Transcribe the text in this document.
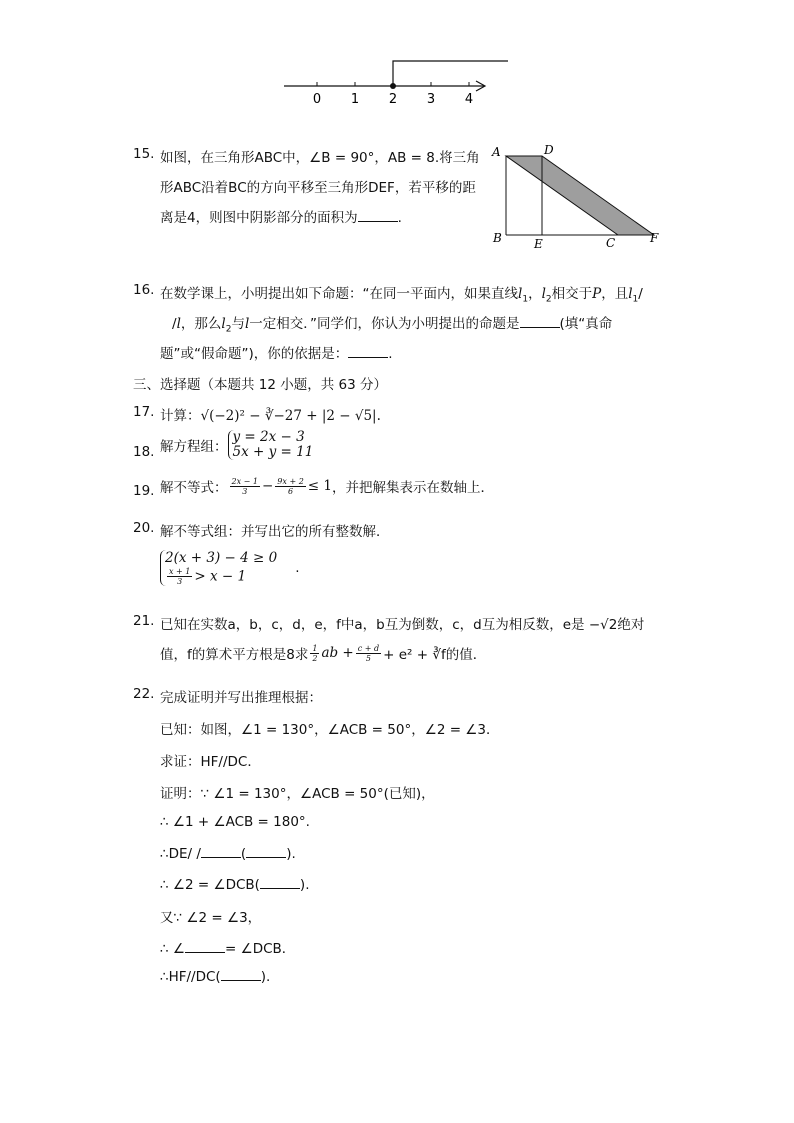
0 1 2 3 4
15. 如图，在三角形ABC中，∠B = 90°，AB = 8.将三角
形ABC沿着BC的方向平移至三角形DEF，若平移的距
离是4，则图中阴影部分的面积为	.
A	D
B	E	C	F
16. 在数学课上，小明提出如下命题：“在同一平面内，如果直线$l_1$，$l_2$相交于P，且$l_1/$
/l，那么$l_2$与l一定相交．”同学们，你认为小明提出的命题是	(填“真命
题”或“假命题”)，你的依据是：	.
三、选择题（本题共 12 小题，共 63 分）
17. 计算：√(−2)² − ∛−27 + |2 − √5|.
18. 解方程组：
y = 2x − 3
5x + y = 11
19. 解不等式： $\frac{2x - 1}{3} - \frac{9x + 2}{6} \le 1$，并把解集表示在数轴上．
20. 解不等式组：并写出它的所有整数解．
2(x + 3) − 4 ≥ 0
$\frac{x + 1}{3} > x - 1$
.
21. 已知在实数a，b，c，d，e，f中a，b互为倒数，c，d互为相反数，e是 −√2绝对
值，f的算术平方根是8求 $\frac{1}{2}$ ab + $\frac{c + d}{5} + e^2$ + ∛f的值．
22. 完成证明并写出推理根据：
已知：如图，∠1 = 130°，∠ACB = 50°，∠2 = ∠3．
求证：HF//DC．
证明：∵ ∠1 = 130°，∠ACB = 50°(已知)，
∴ ∠1 + ∠ACB = 180°.
∴DE/ /	(	).
∴ ∠2 = ∠DCB(	).
又∵ ∠2 = ∠3，
∴ ∠	= ∠DCB．
∴HF//DC(	).
